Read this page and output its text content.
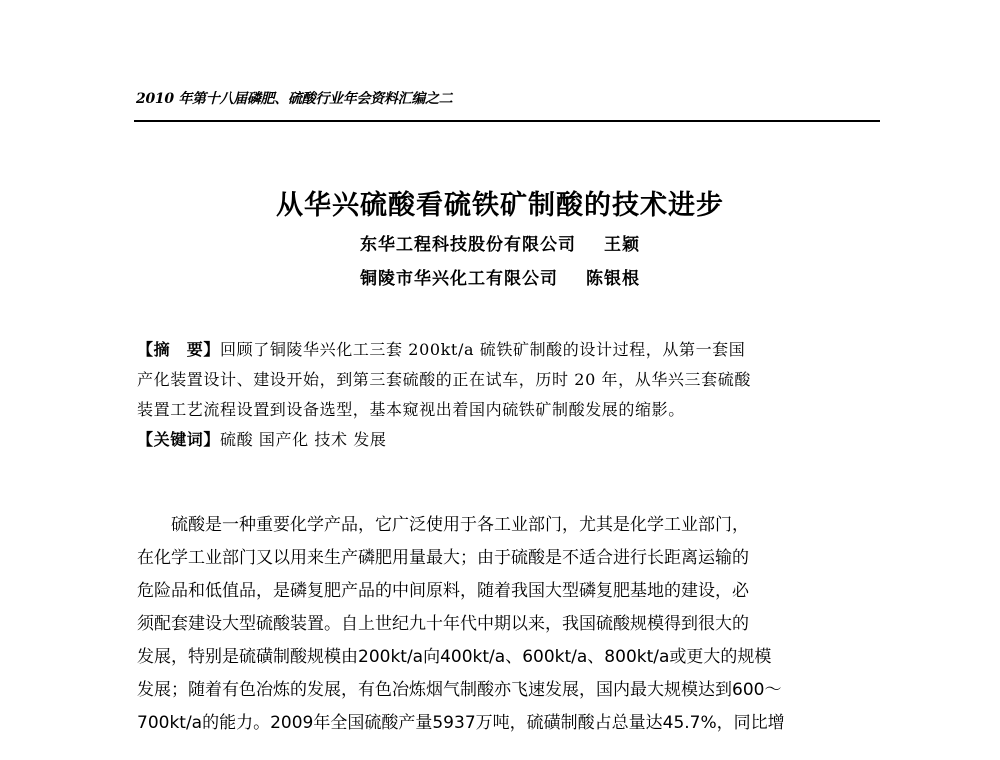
2010 年第十八届磷肥、硫酸行业年会资料汇编之二
从华兴硫酸看硫铁矿制酸的技术进步
东华工程科技股份有限公司 王颖
铜陵市华兴化工有限公司 陈银根

【摘　要】回顾了铜陵华兴化工三套 200kt/a 硫铁矿制酸的设计过程，从第一套国

产化装置设计、建设开始，到第三套硫酸的正在试车，历时 20 年，从华兴三套硫酸

装置工艺流程设置到设备选型，基本窥视出着国内硫铁矿制酸发展的缩影。

【关键词】硫酸 国产化 技术 发展

　　硫酸是一种重要化学产品，它广泛使用于各工业部门，尤其是化学工业部门，

在化学工业部门又以用来生产磷肥用量最大；由于硫酸是不适合进行长距离运输的

危险品和低值品，是磷复肥产品的中间原料，随着我国大型磷复肥基地的建设，必

须配套建设大型硫酸装置。自上世纪九十年代中期以来，我国硫酸规模得到很大的

发展，特别是硫磺制酸规模由200kt/a向400kt/a、600kt/a、800kt/a或更大的规模

发展；随着有色冶炼的发展，有色冶炼烟气制酸亦飞速发展，国内最大规模达到600～

700kt/a的能力。2009年全国硫酸产量5937万吨，硫磺制酸占总量达45.7%，同比增
